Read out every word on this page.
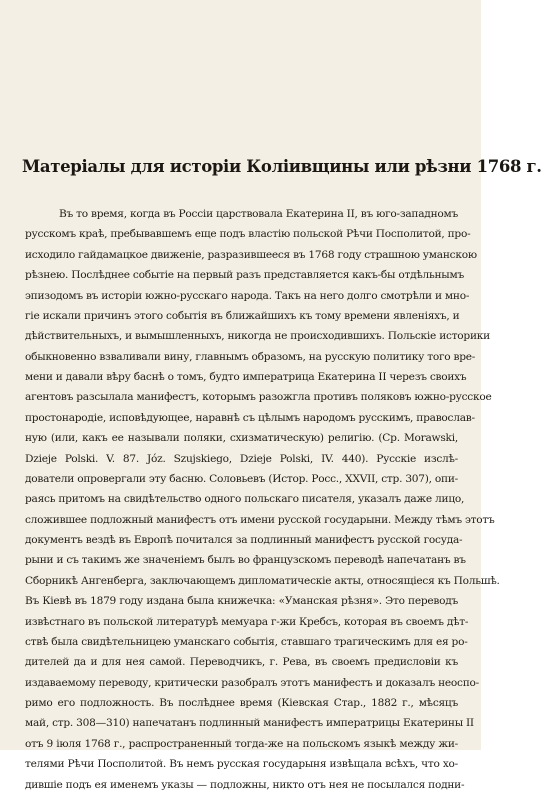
Матеріалы для исторіи Колiивщины или рѣзни 1768 г.
Въ то время, когда въ Россіи царствовала Екатерина II, въ юго-западномъ
русскомъ краѣ, пребывавшемъ еще подъ властію польской Рѣчи Посполитой, про-
исходило гайдамацкое движеніе, разразившееся въ 1768 году страшною уманскою
рѣзнею. Послѣднее событіе на первый разъ представляется какъ-бы отдѣльнымъ
эпизодомъ въ исторіи южно-русскаго народа. Такъ на него долго смотрѣли и мно-
гіе искали причинъ этого событія въ ближайшихъ къ тому времени явленіяхъ, и
дѣйствительныхъ, и вымышленныхъ, никогда не происходившихъ. Польскіе историки
обыкновенно взваливали вину, главнымъ образомъ, на русскую политику того вре-
мени и давали вѣру баснѣ о томъ, будто императрица Екатерина II черезъ своихъ
агентовъ разсылала манифестъ, которымъ разожгла противъ поляковъ южно-русское
простонародіе, исповѣдующее, наравнѣ съ цѣлымъ народомъ русскимъ, православ-
ную (или, какъ ее называли поляки, схизматическую) религію. (Ср. Morawski,
Dzieje Polski. V. 87. Józ. Szujskiego, Dzieje Polski, IV. 440). Русскіе изслѣ-
дователи опровергали эту басню. Соловьевъ (Истор. Росс., XXVII, стр. 307), опи-
раясь притомъ на свидѣтельство одного польскаго писателя, указалъ даже лицо,
сложившее подложный манифестъ отъ имени русской государыни. Между тѣмъ этотъ
документъ вездѣ въ Европѣ почитался за подлинный манифестъ русской госуда-
рыни и съ такимъ же значеніемъ былъ во французскомъ переводѣ напечатанъ въ
Сборникѣ Ангенберга, заключающемъ дипломатическіе акты, относящіеся къ Польшѣ.
Въ Кіевѣ въ 1879 году издана была книжечка: «Уманская рѣзня». Это переводъ
извѣстнаго въ польской литературѣ мемуара г-жи Кребсъ, которая въ своемъ дѣт-
ствѣ была свидѣтельницею уманскаго событія, ставшаго трагическимъ для ея ро-
дителей да и для нея самой. Переводчикъ, г. Рева, въ своемъ предисловіи къ
издаваемому переводу, критически разобралъ этотъ манифестъ и доказалъ неоспо-
римо его подложность. Въ послѣднее время (Кіевская Стар., 1882 г., мѣсяцъ
май, стр. 308—310) напечатанъ подлинный манифестъ императрицы Екатерины II
отъ 9 іюля 1768 г., распространенный тогда-же на польскомъ языкѣ между жи-
телями Рѣчи Посполитой. Въ немъ русская государыня извѣщала всѣхъ, что хо-
дившіе подъ ея именемъ указы — подложны, никто отъ нея не посылался подни-
